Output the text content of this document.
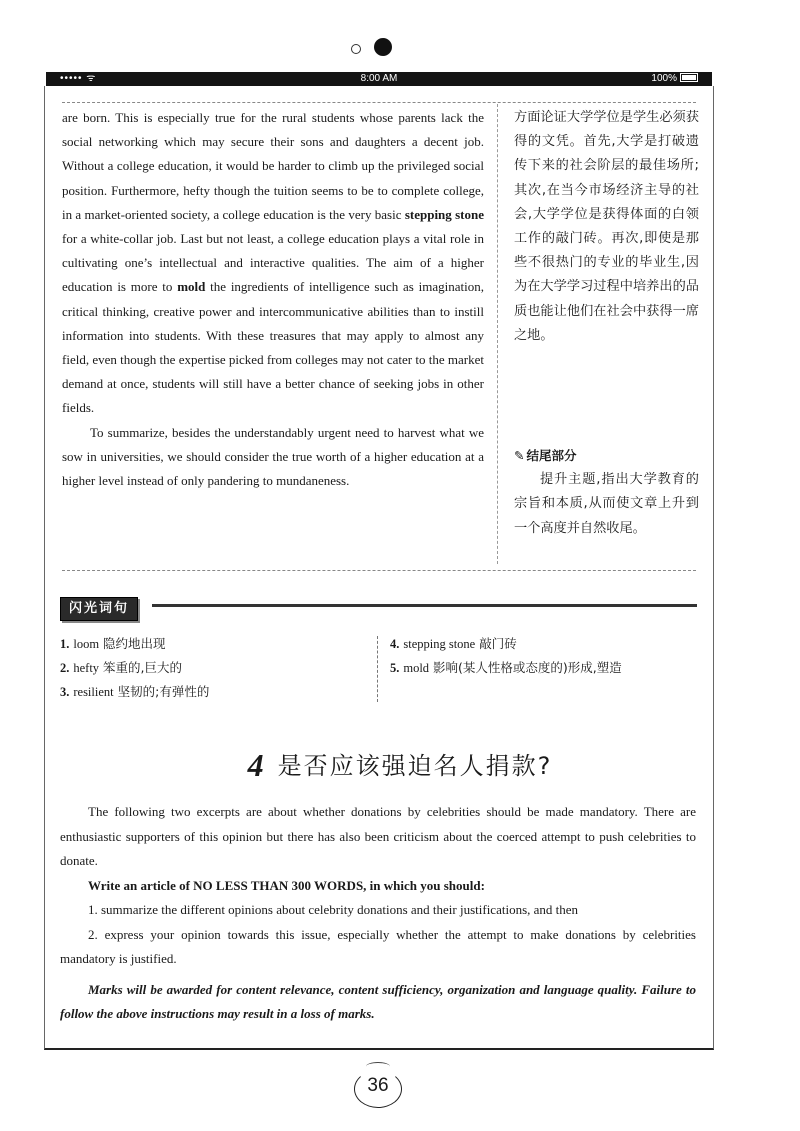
••••• ᯤ	8:00 AM	100%

are born. This is especially true for the rural students whose parents lack the social networking which may secure their sons and daughters a decent job. Without a college education, it would be harder to climb up the privileged social position. Furthermore, hefty though the tuition seems to be to complete college, in a market-oriented society, a college education is the very basic stepping stone for a white-collar job. Last but not least, a college education plays a vital role in cultivating one’s intellectual and interactive qualities. The aim of a higher education is more to mold the ingredients of intelligence such as imagination, critical thinking, creative power and intercommunicative abilities than to instill information into students. With these treasures that may apply to almost any field, even though the expertise picked from colleges may not cater to the market demand at once, students will still have a better chance of seeking jobs in other fields.

To summarize, besides the understandably urgent need to harvest what we sow in universities, we should consider the true worth of a higher education at a higher level instead of only pandering to mundaneness.

方面论证大学学位是学生必须获得的文凭。首先,大学是打破遗传下来的社会阶层的最佳场所;其次,在当今市场经济主导的社会,大学学位是获得体面的白领工作的敲门砖。再次,即使是那些不很热门的专业的毕业生,因为在大学学习过程中培养出的品质也能让他们在社会中获得一席之地。

✎ 结尾部分

提升主题,指出大学教育的宗旨和本质,从而使文章上升到一个高度并自然收尾。

闪光词句
1. loom 隐约地出现
2. hefty 笨重的,巨大的
3. resilient 坚韧的;有弹性的
4. stepping stone 敲门砖
5. mold 影响(某人性格或态度的)形成,塑造
4 是否应该强迫名人捐款?

The following two excerpts are about whether donations by celebrities should be made mandatory. There are enthusiastic supporters of this opinion but there has also been criticism about the coerced attempt to push celebrities to donate.

Write an article of NO LESS THAN 300 WORDS, in which you should:

1. summarize the different opinions about celebrity donations and their justifications, and then

2. express your opinion towards this issue, especially whether the attempt to make donations by celebrities mandatory is justified.

Marks will be awarded for content relevance, content sufficiency, organization and language quality. Failure to follow the above instructions may result in a loss of marks.

36
